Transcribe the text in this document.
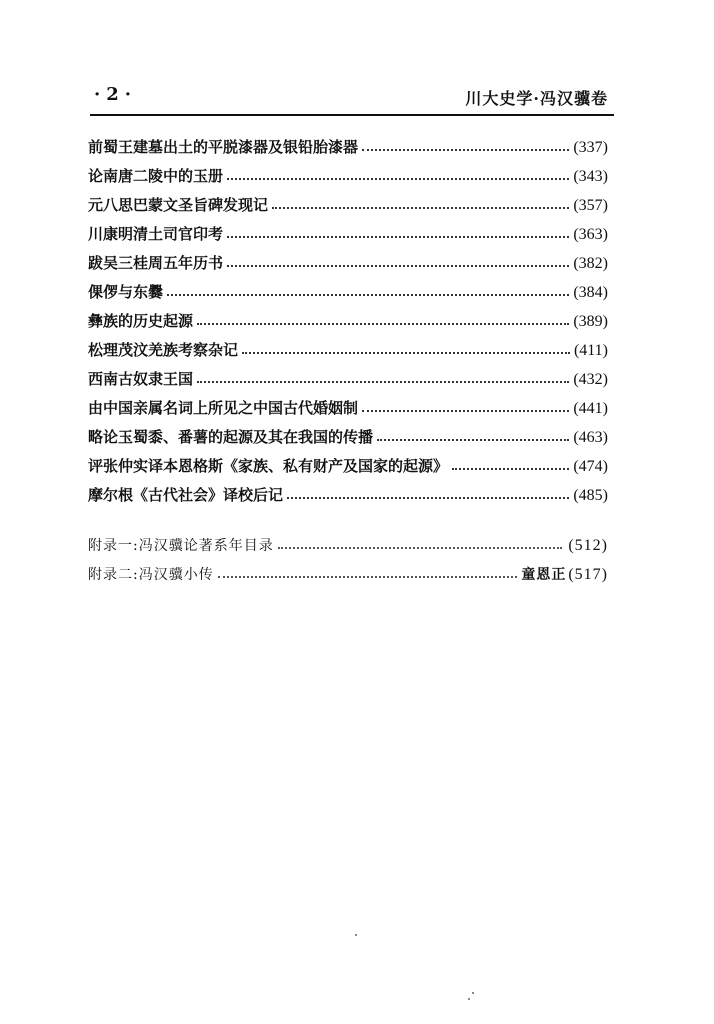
·2·	川大史学·冯汉骥卷
前蜀王建墓出土的平脱漆器及银铅胎漆器	(337)
论南唐二陵中的玉册	(343)
元八思巴蒙文圣旨碑发现记	(357)
川康明清土司官印考	(363)
跋吴三桂周五年历书	(382)
倮㑩与东爨	(384)
彝族的历史起源	(389)
松理茂汶羌族考察杂记	(411)
西南古奴隶王国	(432)
由中国亲属名词上所见之中国古代婚姻制	(441)
略论玉蜀黍、番薯的起源及其在我国的传播	(463)
评张仲实译本恩格斯《家族、私有财产及国家的起源》	(474)
摩尔根《古代社会》译校后记	(485)
附录一:冯汉骥论著系年目录	(512)
附录二:冯汉骥小传	童恩正 (517)
